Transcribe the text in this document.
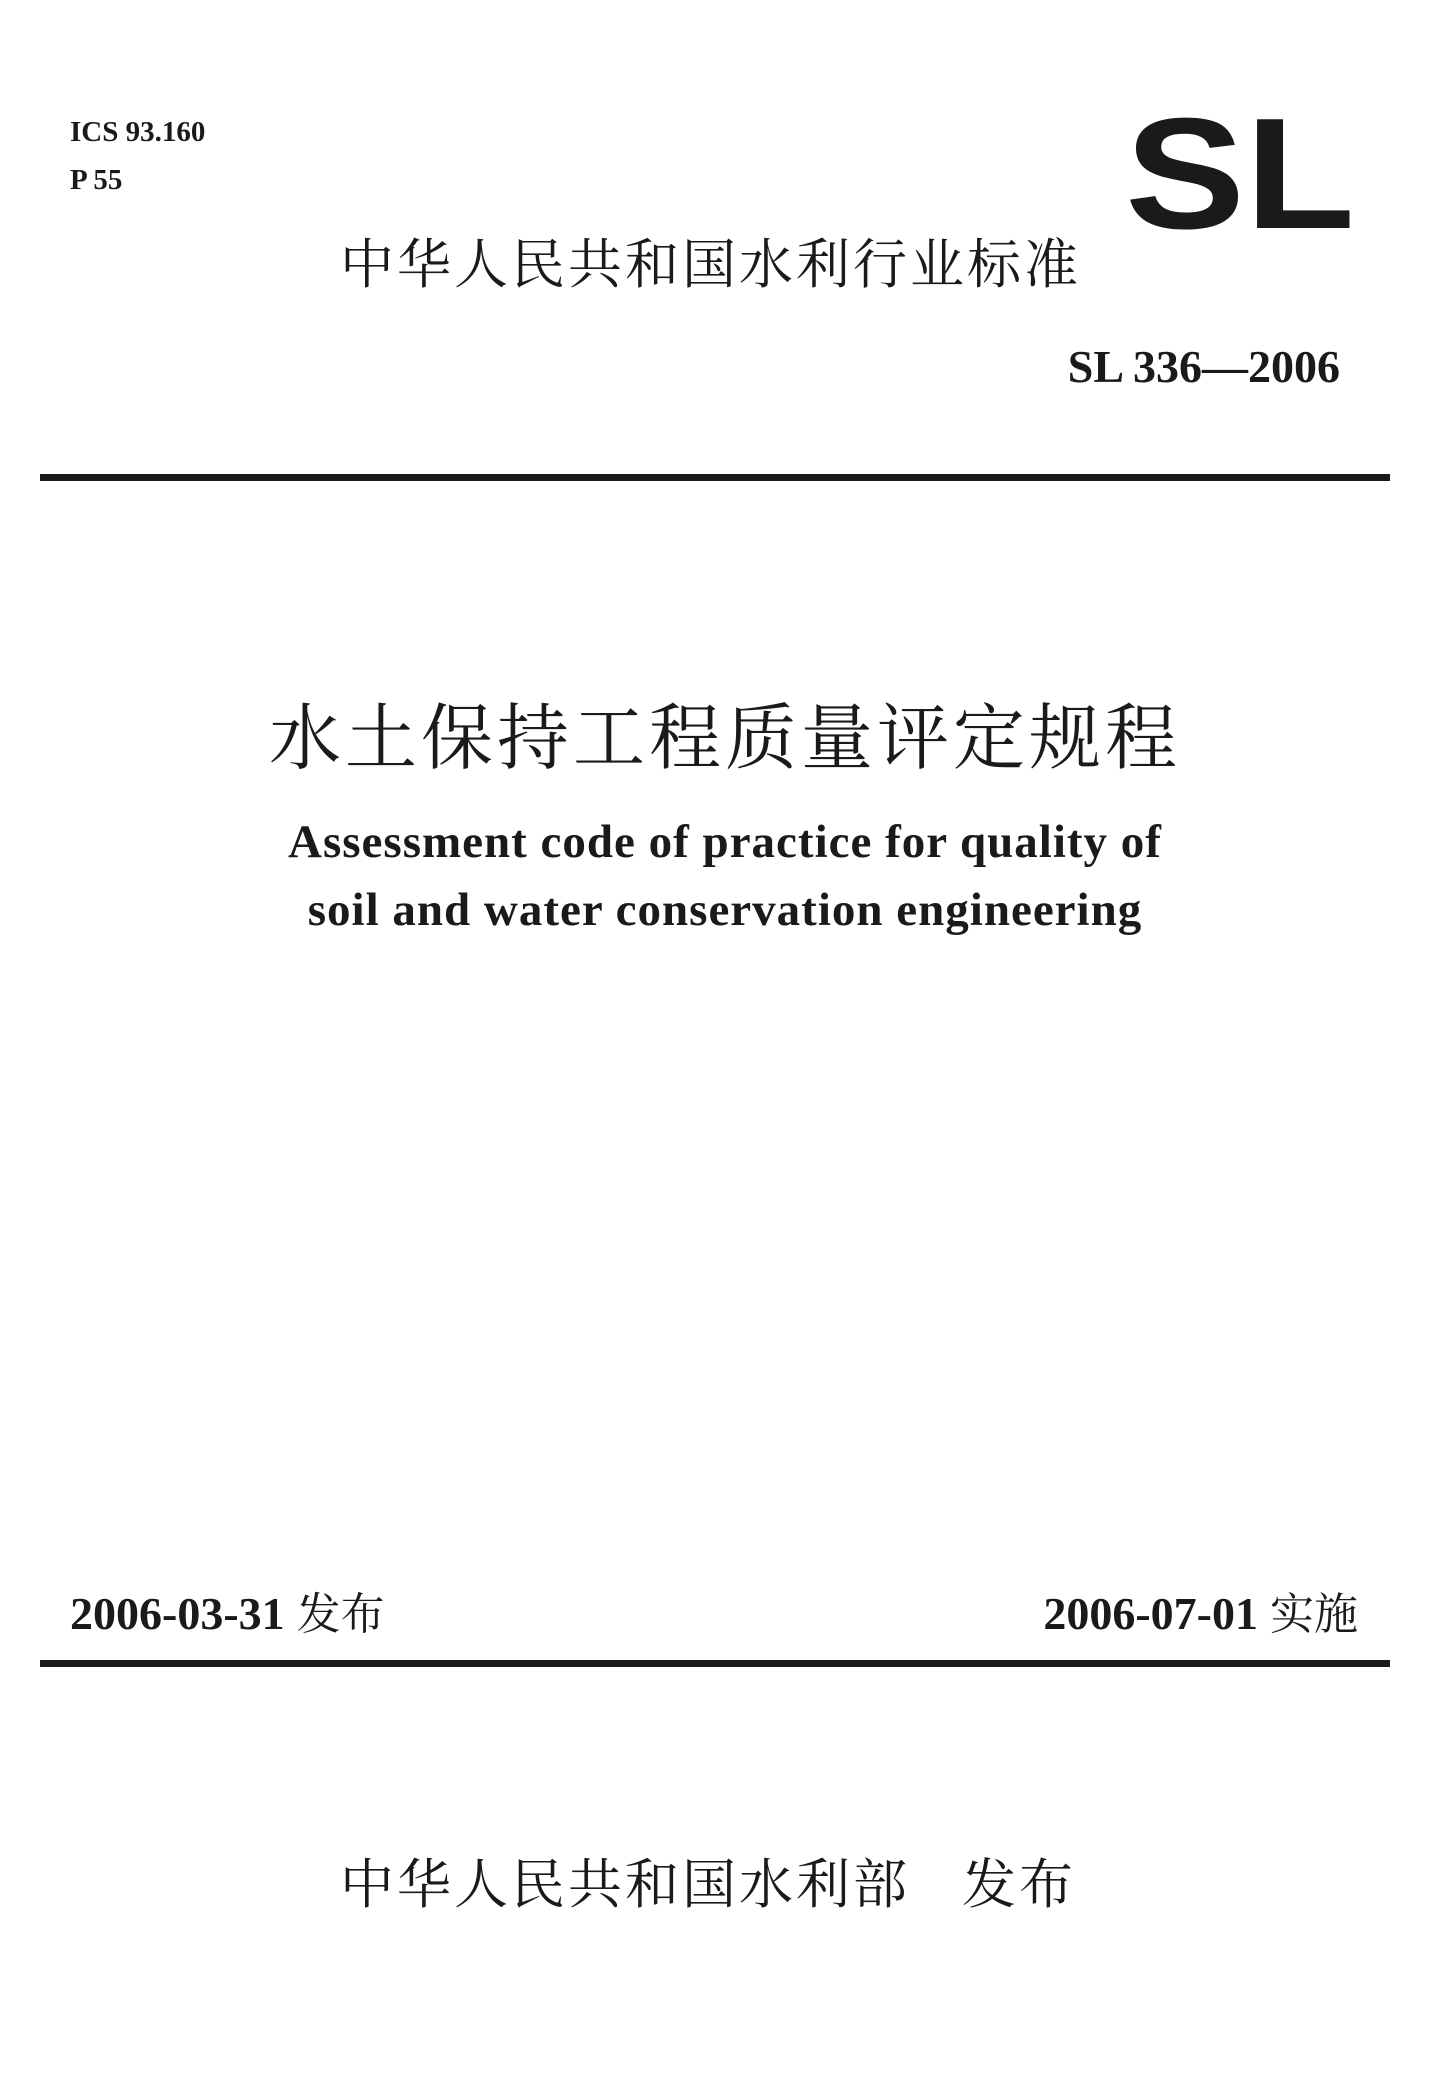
ICS 93.160
P 55	SL
中华人民共和国水利行业标准
SL 336—2006
水土保持工程质量评定规程
Assessment code of practice for quality of
soil and water conservation engineering
2006-03-31 发布	2006-07-01 实施
中华人民共和国水利部 发布
